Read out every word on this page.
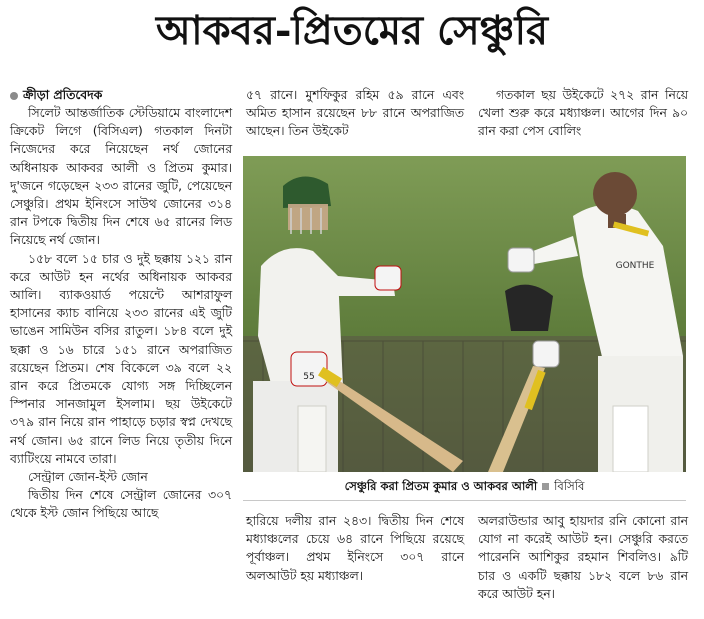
আকবর-প্রিতমের সেঞ্চুরি
ক্রীড়া প্রতিবেদক

সিলেট আন্তর্জাতিক স্টেডিয়ামে বাংলাদেশ ক্রিকেট লিগে (বিসিএল) গতকাল দিনটা নিজেদের করে নিয়েছেন নর্থ জোনের অধিনায়ক আকবর আলী ও প্রিতম কুমার। দু'জনে গড়েছেন ২৩৩ রানের জুটি, পেয়েছেন সেঞ্চুরি। প্রথম ইনিংসে সাউথ জোনের ৩১৪ রান টপকে দ্বিতীয় দিন শেষে ৬৫ রানের লিড নিয়েছে নর্থ জোন।

১৫৮ বলে ১৫ চার ও দুই ছক্কায় ১২১ রান করে আউট হন নর্থের অধিনায়ক আকবর আলি। ব্যাকওয়ার্ড পয়েন্টে আশরাফুল হাসানের ক্যাচ বানিয়ে ২৩৩ রানের এই জুটি ভাঙেন সামিউন বসির রাতুল। ১৮৪ বলে দুই ছক্কা ও ১৬ চারে ১৫১ রানে অপরাজিত রয়েছেন প্রিতম। শেষ বিকেলে ৩৯ বলে ২২ রান করে প্রিতমকে যোগ্য সঙ্গ দিচ্ছিলেন স্পিনার সানজামুল ইসলাম। ছয় উইকেটে ৩৭৯ রান নিয়ে রান পাহাড়ে চড়ার স্বপ্ন দেখছে নর্থ জোন। ৬৫ রানে লিড নিয়ে তৃতীয় দিনে ব্যাটিংয়ে নামবে তারা।

সেন্ট্রাল জোন-ইস্ট জোন

দ্বিতীয় দিন শেষে সেন্ট্রাল জোনের ৩০৭ থেকে ইস্ট জোন পিছিয়ে আছে

৫৭ রানে। মুশফিকুর রহিম ৫৯ রানে এবং অমিত হাসান রয়েছেন ৮৮ রানে অপরাজিত আছেন। তিন উইকেট

গতকাল ছয় উইকেটে ২৭২ রান নিয়ে খেলা শুরু করে মধ্যাঞ্চল। আগের দিন ৯০ রান করা পেস বোলিং

55
GONTHE
সেঞ্চুরি করা প্রিতম কুমার ও আকবর আলী বিসিবি

হারিয়ে দলীয় রান ২৪৩। দ্বিতীয় দিন শেষে মধ্যাঞ্চলের চেয়ে ৬৪ রানে পিছিয়ে রয়েছে পূর্বাঞ্চল। প্রথম ইনিংসে ৩০৭ রানে অলআউট হয় মধ্যাঞ্চল।

অলরাউন্ডার আবু হায়দার রনি কোনো রান যোগ না করেই আউট হন। সেঞ্চুরি করতে পারেননি আশিকুর রহমান শিবলিও। ৯টি চার ও একটি ছক্কায় ১৮২ বলে ৮৬ রান করে আউট হন।
